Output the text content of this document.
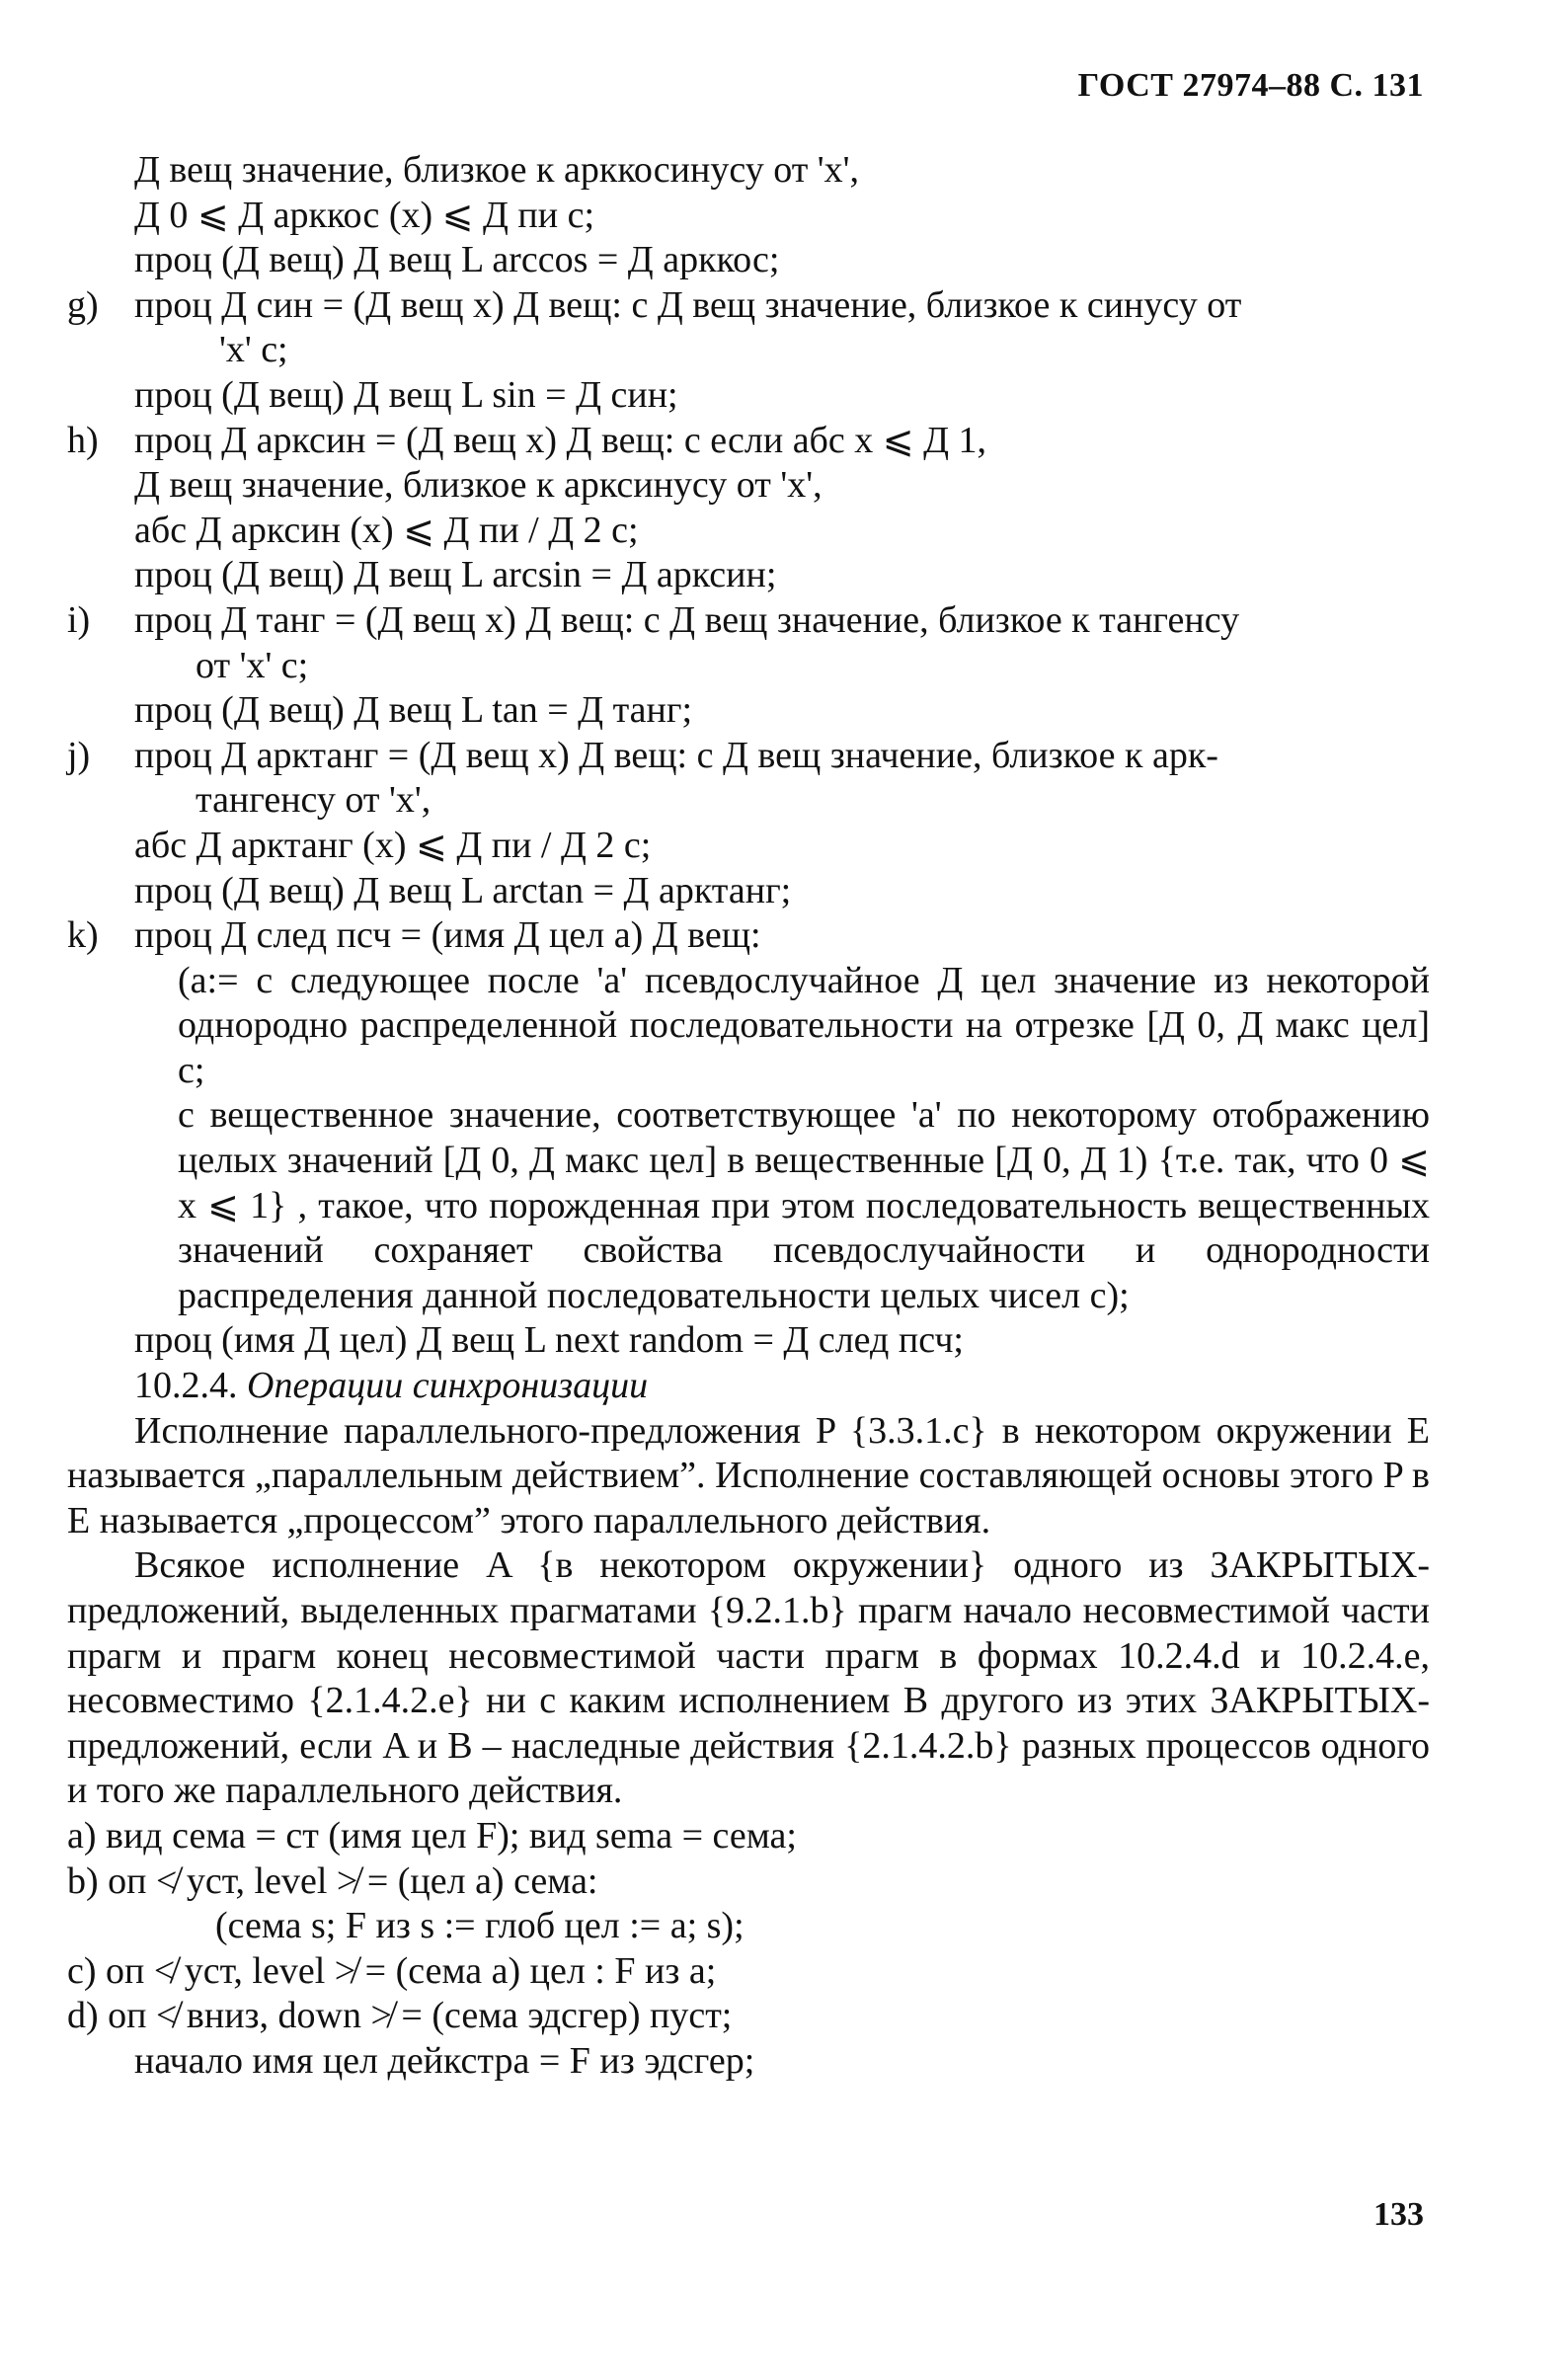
ГОСТ 27974–88 С. 131
Д вещ значение, близкое к арккосинусу от 'x',
Д 0 ⩽ Д арккос (x) ⩽ Д пи с;
проц (Д вещ) Д вещ L arccos = Д арккос;
g) проц Д син = (Д вещ x) Д вещ: с Д вещ значение, близкое к синусу от
'x' с;
проц (Д вещ) Д вещ L sin = Д син;
h) проц Д арксин = (Д вещ x) Д вещ: с если абс x ⩽ Д 1,
Д вещ значение, близкое к арксинусу от 'x',
абс Д арксин (x) ⩽ Д пи / Д 2 с;
проц (Д вещ) Д вещ L arcsin = Д арксин;
i) проц Д танг = (Д вещ x) Д вещ: с Д вещ значение, близкое к тангенсу
от 'x' с;
проц (Д вещ) Д вещ L tan = Д танг;
j) проц Д арктанг = (Д вещ x) Д вещ: с Д вещ значение, близкое к арк-
тангенсу от 'x',
абс Д арктанг (x) ⩽ Д пи / Д 2 с;
проц (Д вещ) Д вещ L arctan = Д арктанг;
k) проц Д след псч = (имя Д цел a) Д вещ:
(a:= с следующее после 'a' псевдослучайное Д цел значение из некоторой однородно распределенной последовательности на отрезке [Д 0, Д макс цел] с;
с вещественное значение, соответствующее 'a' по некоторому отображению целых значений [Д 0, Д макс цел] в вещественные [Д 0, Д 1) {т.е. так, что 0 ⩽ x ⩽ 1} , такое, что порожденная при этом последовательность вещественных значений сохраняет свойства псевдослучайности и однородности распределения данной последовательности целых чисел с);
проц (имя Д цел) Д вещ L next random = Д след псч;
10.2.4. Операции синхронизации
Исполнение параллельного-предложения P {3.3.1.c} в некотором окружении E называется „параллельным действием”. Исполнение составляющей основы этого P в E называется „процессом” этого параллельного действия.
Всякое исполнение A {в некотором окружении} одного из ЗАКРЫТЫХ-предложений, выделенных прагматами {9.2.1.b} прагм начало несовместимой части прагм и прагм конец несовместимой части прагм в формах 10.2.4.d и 10.2.4.e, несовместимо {2.1.4.2.e} ни с каким исполнением B другого из этих ЗАКРЫТЫХ-предложений, если A и B – наследные действия {2.1.4.2.b} разных процессов одного и того же параллельного действия.
a) вид сема = ст (имя цел F); вид sema = сема;
b) оп ≮ уст, level ≯ = (цел a) сема:
(сема s; F из s := глоб цел := a; s);
c) оп ≮ уст, level ≯ = (сема a) цел : F из a;
d) оп ≮ вниз, down ≯ = (сема эдсгер) пуст;
начало имя цел дейкстра = F из эдсгер;
133
